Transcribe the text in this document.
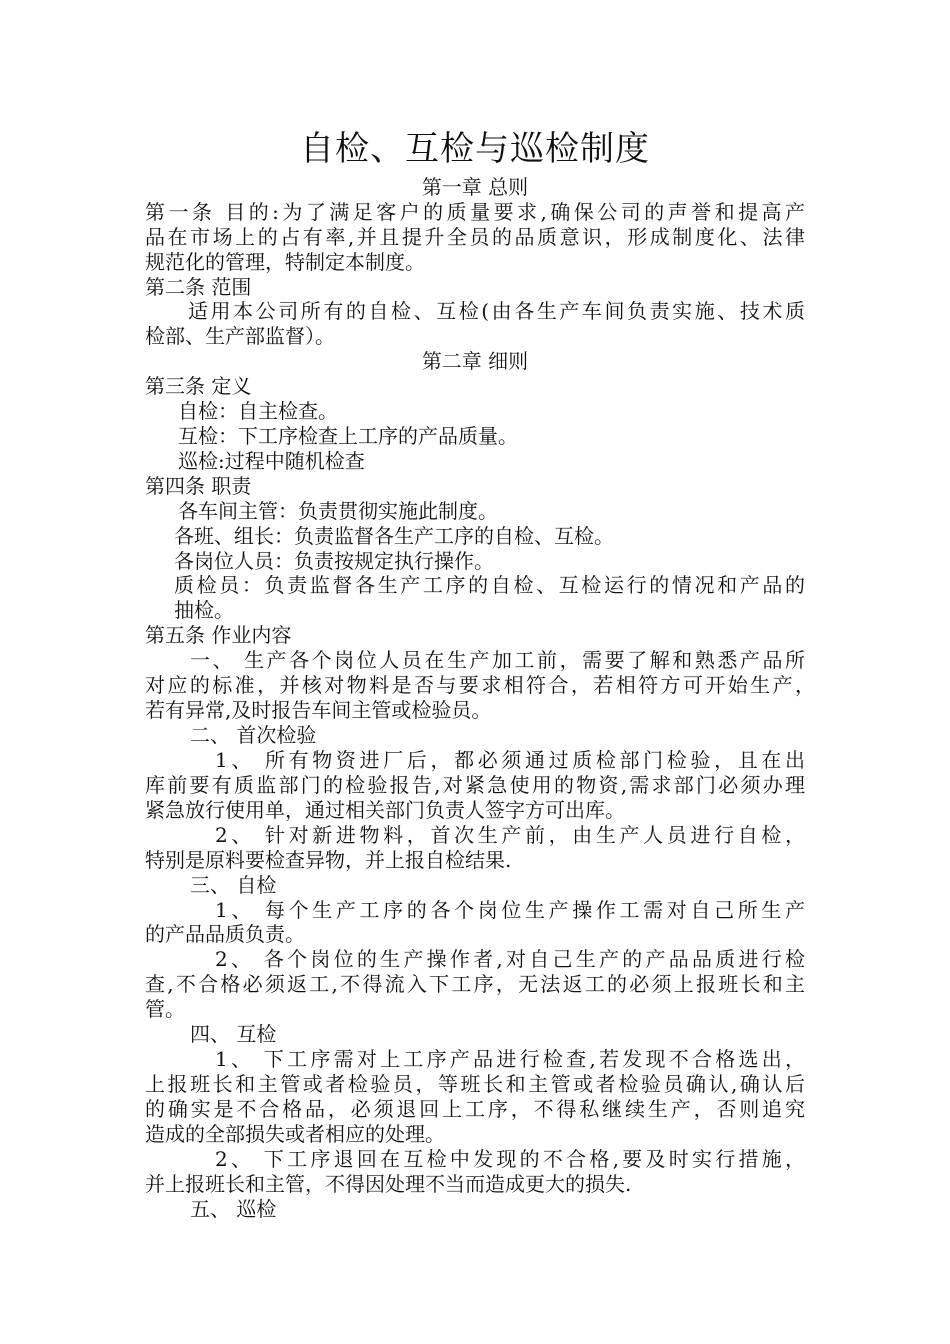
自检、互检与巡检制度
第一章 总则
第一条 目的:为了满足客户的质量要求,确保公司的声誉和提高产
品在市场上的占有率,并且提升全员的品质意识，形成制度化、法律
规范化的管理，特制定本制度。
第二条 范围
适用本公司所有的自检、互检(由各生产车间负责实施、技术质
检部、生产部监督）。
第二章 细则
第三条 定义
自检：自主检查。
互检：下工序检查上工序的产品质量。
巡检:过程中随机检查
第四条 职责
各车间主管：负责贯彻实施此制度。
各班、组长：负责监督各生产工序的自检、互检。
各岗位人员：负责按规定执行操作。
质检员：负责监督各生产工序的自检、互检运行的情况和产品的
抽检。
第五条 作业内容
一、 生产各个岗位人员在生产加工前，需要了解和熟悉产品所
对应的标准，并核对物料是否与要求相符合，若相符方可开始生产，
若有异常,及时报告车间主管或检验员。
二、 首次检验
1、 所有物资进厂后，都必须通过质检部门检验，且在出
库前要有质监部门的检验报告,对紧急使用的物资,需求部门必须办理
紧急放行使用单，通过相关部门负责人签字方可出库。
2、 针对新进物料，首次生产前，由生产人员进行自检，
特别是原料要检查异物，并上报自检结果.
三、 自检
1、 每个生产工序的各个岗位生产操作工需对自己所生产
的产品品质负责。
2、 各个岗位的生产操作者,对自己生产的产品品质进行检
查,不合格必须返工,不得流入下工序，无法返工的必须上报班长和主
管。
四、 互检
1、 下工序需对上工序产品进行检查,若发现不合格选出，
上报班长和主管或者检验员，等班长和主管或者检验员确认,确认后
的确实是不合格品，必须退回上工序，不得私继续生产，否则追究
造成的全部损失或者相应的处理。
2、 下工序退回在互检中发现的不合格,要及时实行措施，
并上报班长和主管，不得因处理不当而造成更大的损失.
五、 巡检
